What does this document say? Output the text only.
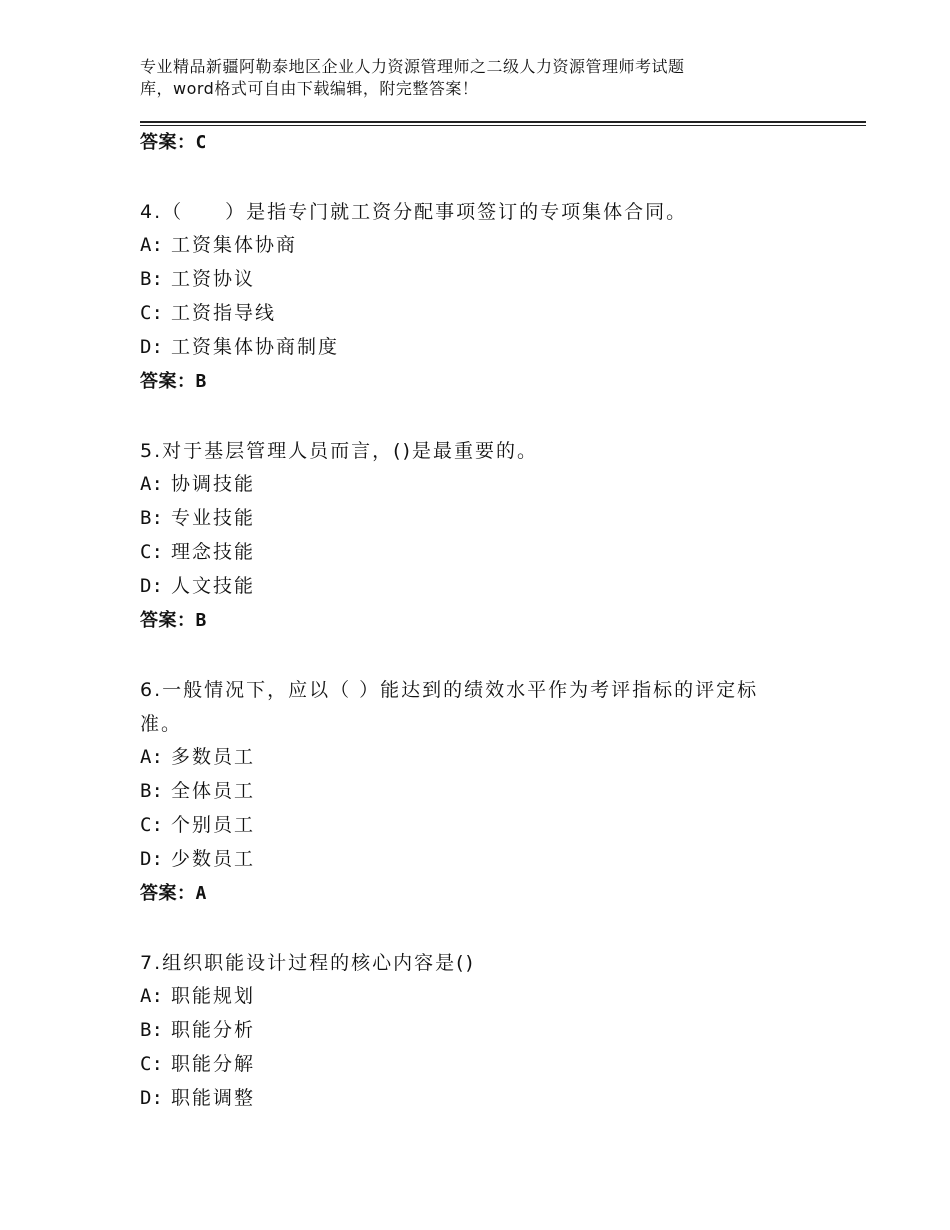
专业精品新疆阿勒泰地区企业人力资源管理师之二级人力资源管理师考试题
库，word格式可自由下载编辑，附完整答案！
答案：C
4.（　　）是指专门就工资分配事项签订的专项集体合同。
A: 工资集体协商
B: 工资协议
C: 工资指导线
D: 工资集体协商制度
答案：B
5.对于基层管理人员而言，()是最重要的。
A: 协调技能
B: 专业技能
C: 理念技能
D: 人文技能
答案：B
6.一般情况下，应以（ ）能达到的绩效水平作为考评指标的评定标准。
A: 多数员工
B: 全体员工
C: 个别员工
D: 少数员工
答案：A
7.组织职能设计过程的核心内容是()
A: 职能规划
B: 职能分析
C: 职能分解
D: 职能调整
